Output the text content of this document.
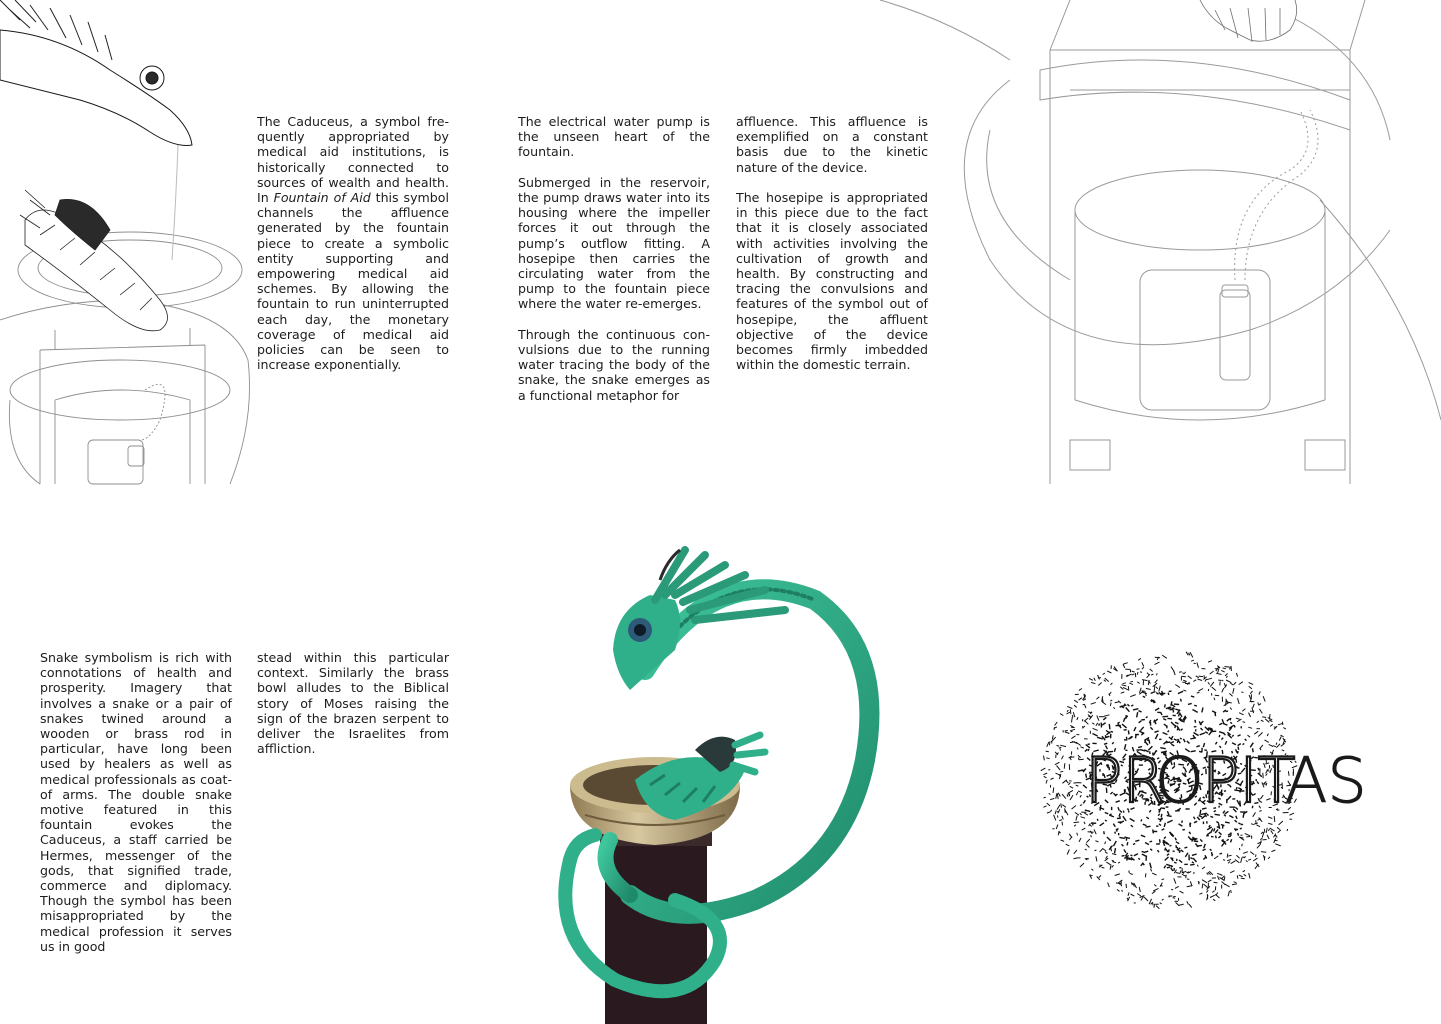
The Caduceus, a symbol fre-quently appropriated by medical aid institutions, is historically connected to sources of wealth and health. In Fountain of Aid this symbol channels the affluence generated by the fountain piece to create a symbolic entity supporting and empowering medical aid schemes. By allowing the fountain to run uninterrupted each day, the monetary coverage of medical aid policies can be seen to increase exponentially.

The electrical water pump is the unseen heart of the fountain.

Submerged in the reservoir, the pump draws water into its housing where the impeller forces it out through the pump’s outflow fitting. A hosepipe then carries the circulating water from the pump to the fountain piece where the water re-emerges.

Through the continuous con-vulsions due to the running water tracing the body of the snake, the snake emerges as a functional metaphor for

affluence. This affluence is exemplified on a constant basis due to the kinetic nature of the device.

The hosepipe is appropriated in this piece due to the fact that it is closely associated with activities involving the cultivation of growth and health. By constructing and tracing the convulsions and features of the symbol out of hosepipe, the affluent objective of the device becomes firmly imbedded within the domestic terrain.

Snake symbolism is rich with connotations of health and prosperity. Imagery that involves a snake or a pair of snakes twined around a wooden or brass rod in particular, have long been used by healers as well as medical professionals as coat-of arms. The double snake motive featured in this fountain evokes the Caduceus, a staff carried be Hermes, messenger of the gods, that signified trade, commerce and diplomacy. Though the symbol has been misappropriated by the medical profession it serves us in good

stead within this particular context. Similarly the brass bowl alludes to the Biblical story of Moses raising the sign of the brazen serpent to deliver the Israelites from affliction.	PR
O
PIT
AS
